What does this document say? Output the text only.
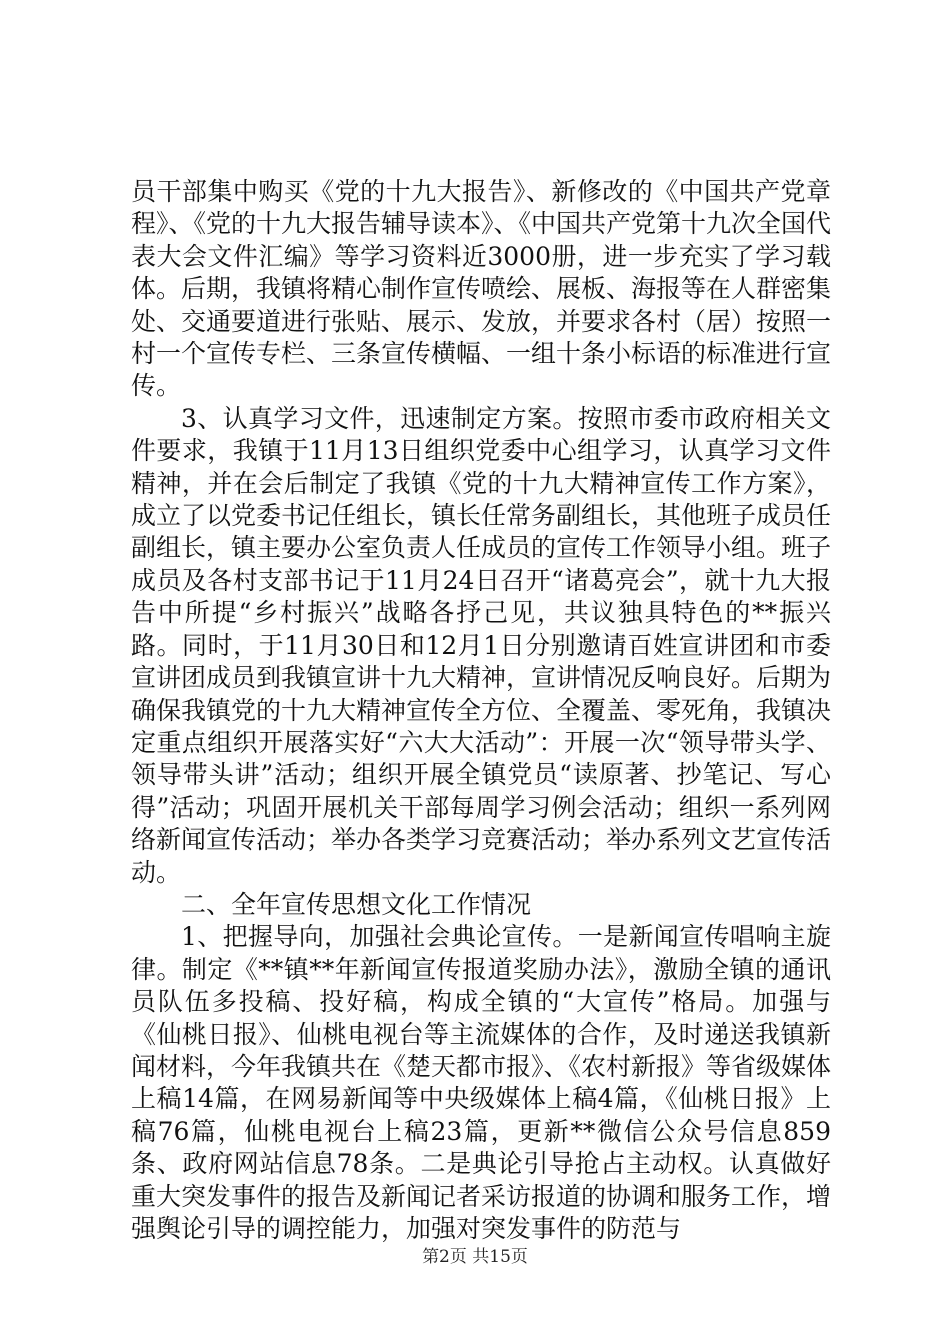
员干部集中购买《党的十九大报告》、新修改的《中国共产党章程》、《党的十九大报告辅导读本》、《中国共产党第十九次全国代表大会文件汇编》等学习资料近3000册，进一步充实了学习载体。后期，我镇将精心制作宣传喷绘、展板、海报等在人群密集处、交通要道进行张贴、展示、发放，并要求各村（居）按照一村一个宣传专栏、三条宣传横幅、一组十条小标语的标准进行宣传。

3、认真学习文件，迅速制定方案。按照市委市政府相关文件要求，我镇于11月13日组织党委中心组学习，认真学习文件精神，并在会后制定了我镇《党的十九大精神宣传工作方案》，成立了以党委书记任组长，镇长任常务副组长，其他班子成员任副组长，镇主要办公室负责人任成员的宣传工作领导小组。班子成员及各村支部书记于11月24日召开“诸葛亮会”，就十九大报告中所提“乡村振兴”战略各抒己见，共议独具特色的**振兴路。同时，于11月30日和12月1日分别邀请百姓宣讲团和市委宣讲团成员到我镇宣讲十九大精神，宣讲情况反响良好。后期为确保我镇党的十九大精神宣传全方位、全覆盖、零死角，我镇决定重点组织开展落实好“六大大活动”：开展一次“领导带头学、领导带头讲”活动；组织开展全镇党员“读原著、抄笔记、写心得”活动；巩固开展机关干部每周学习例会活动；组织一系列网络新闻宣传活动；举办各类学习竞赛活动；举办系列文艺宣传活动。

二、全年宣传思想文化工作情况

1、把握导向，加强社会典论宣传。一是新闻宣传唱响主旋律。制定《**镇**年新闻宣传报道奖励办法》，激励全镇的通讯员队伍多投稿、投好稿，构成全镇的“大宣传”格局。加强与《仙桃日报》、仙桃电视台等主流媒体的合作，及时递送我镇新闻材料，今年我镇共在《楚天都市报》、《农村新报》等省级媒体上稿14篇，在网易新闻等中央级媒体上稿4篇，《仙桃日报》上稿76篇，仙桃电视台上稿23篇，更新**微信公众号信息859条、政府网站信息78条。二是典论引导抢占主动权。认真做好重大突发事件的报告及新闻记者采访报道的协调和服务工作，增强舆论引导的调控能力，加强对突发事件的防范与

第2页 共15页
